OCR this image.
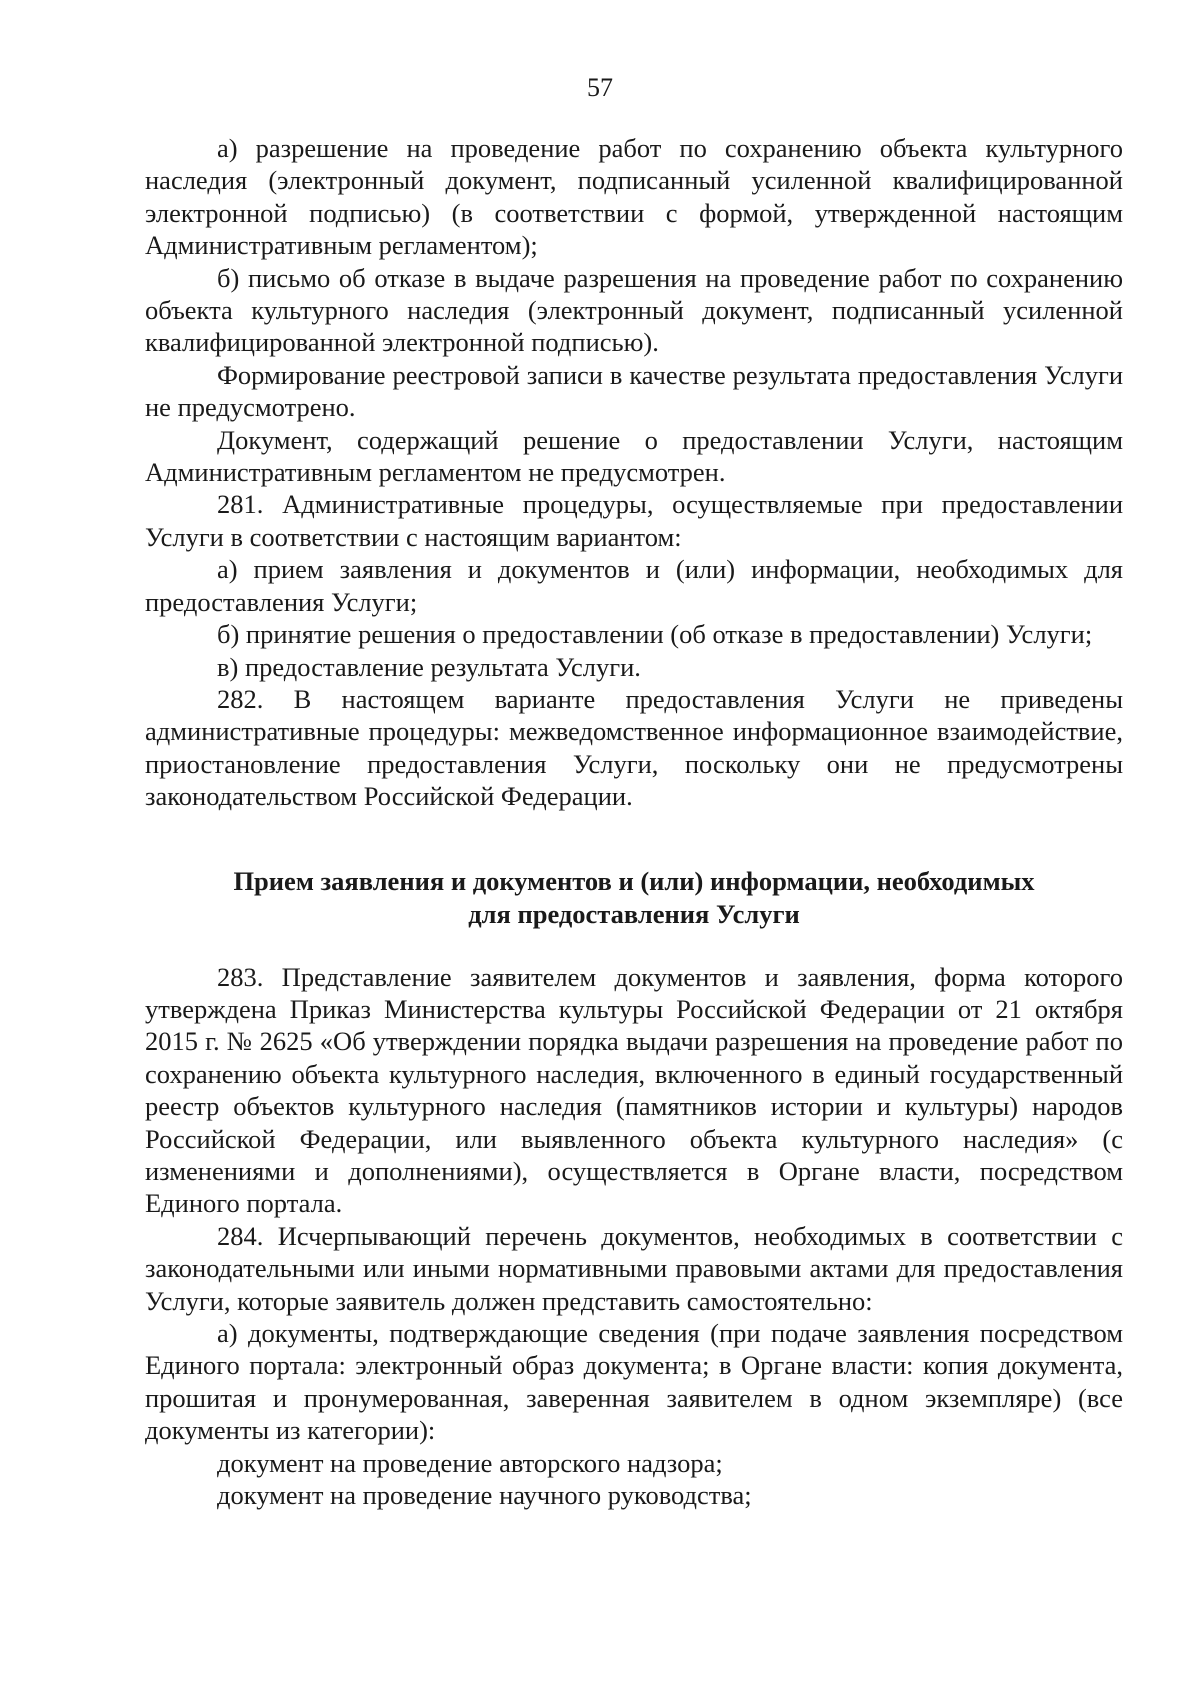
57

а) разрешение на проведение работ по сохранению объекта культурного наследия (электронный документ, подписанный усиленной квалифицированной электронной подписью) (в соответствии с формой, утвержденной настоящим Административным регламентом);

б) письмо об отказе в выдаче разрешения на проведение работ по сохранению объекта культурного наследия (электронный документ, подписанный усиленной квалифицированной электронной подписью).

Формирование реестровой записи в качестве результата предоставления Услуги не предусмотрено.

Документ, содержащий решение о предоставлении Услуги, настоящим Административным регламентом не предусмотрен.

281. Административные процедуры, осуществляемые при предоставлении Услуги в соответствии с настоящим вариантом:

а) прием заявления и документов и (или) информации, необходимых для предоставления Услуги;

б) принятие решения о предоставлении (об отказе в предоставлении) Услуги;

в) предоставление результата Услуги.

282. В настоящем варианте предоставления Услуги не приведены административные процедуры: межведомственное информационное взаимодействие, приостановление предоставления Услуги, поскольку они не предусмотрены законодательством Российской Федерации.

Прием заявления и документов и (или) информации, необходимых
для предоставления Услуги

283. Представление заявителем документов и заявления, форма которого утверждена Приказ Министерства культуры Российской Федерации от 21 октября 2015 г. № 2625 «Об утверждении порядка выдачи разрешения на проведение работ по сохранению объекта культурного наследия, включенного в единый государственный реестр объектов культурного наследия (памятников истории и культуры) народов Российской Федерации, или выявленного объекта культурного наследия» (с изменениями и дополнениями), осуществляется в Органе власти, посредством Единого портала.

284. Исчерпывающий перечень документов, необходимых в соответствии с законодательными или иными нормативными правовыми актами для предоставления Услуги, которые заявитель должен представить самостоятельно:

а) документы, подтверждающие сведения (при подаче заявления посредством Единого портала: электронный образ документа; в Органе власти: копия документа, прошитая и пронумерованная, заверенная заявителем в одном экземпляре) (все документы из категории):

документ на проведение авторского надзора;

документ на проведение научного руководства;
